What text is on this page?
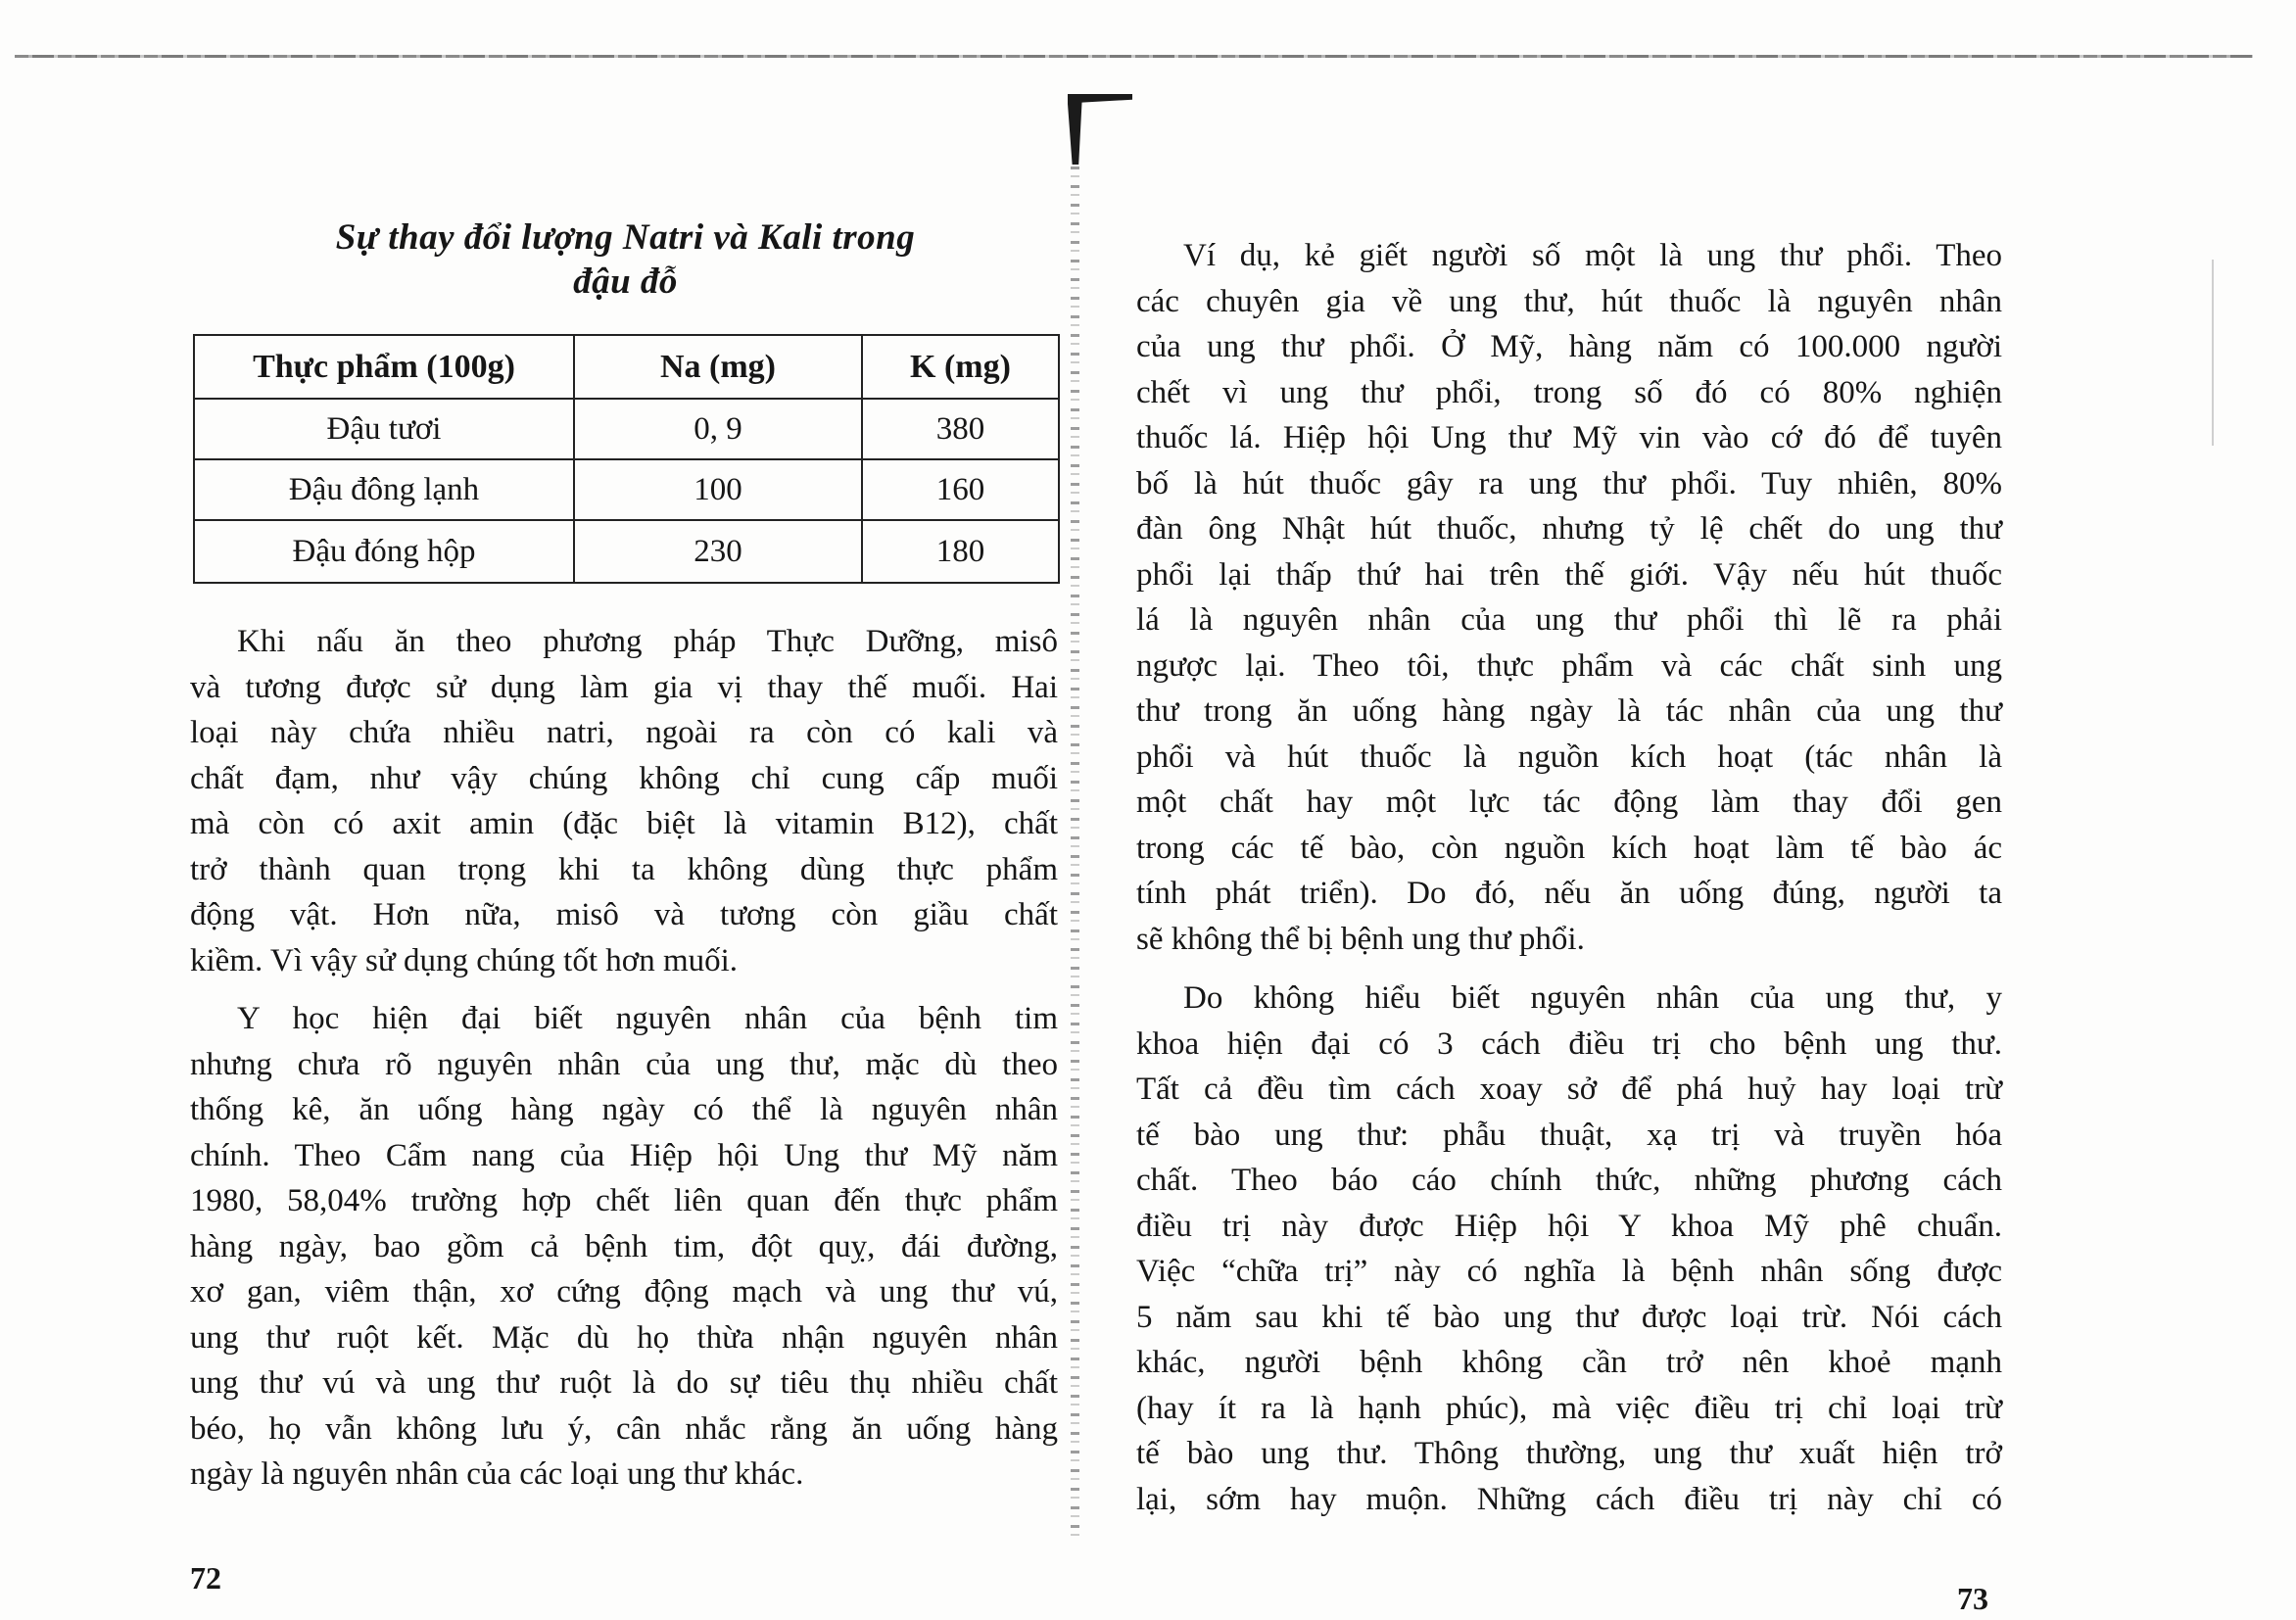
Sự thay đổi lượng Natri và Kali trong
đậu đỗ
Thực phẩm (100g)	Na (mg)	K (mg)
Đậu tươi	0, 9	380
Đậu đông lạnh	100	160
Đậu đóng hộp	230	180
Khi nấu ăn theo phương pháp Thực Dưỡng, misô
và tương được sử dụng làm gia vị thay thế muối. Hai
loại này chứa nhiều natri, ngoài ra còn có kali và
chất đạm, như vậy chúng không chỉ cung cấp muối
mà còn có axit amin (đặc biệt là vitamin B12), chất
trở thành quan trọng khi ta không dùng thực phẩm
động vật. Hơn nữa, misô và tương còn giầu chất
kiềm. Vì vậy sử dụng chúng tốt hơn muối.
Y học hiện đại biết nguyên nhân của bệnh tim
nhưng chưa rõ nguyên nhân của ung thư, mặc dù theo
thống kê, ăn uống hàng ngày có thể là nguyên nhân
chính. Theo Cẩm nang của Hiệp hội Ung thư Mỹ năm
1980, 58,04% trường hợp chết liên quan đến thực phẩm
hàng ngày, bao gồm cả bệnh tim, đột quỵ, đái đường,
xơ gan, viêm thận, xơ cứng động mạch và ung thư vú,
ung thư ruột kết. Mặc dù họ thừa nhận nguyên nhân
ung thư vú và ung thư ruột là do sự tiêu thụ nhiều chất
béo, họ vẫn không lưu ý, cân nhắc rằng ăn uống hàng
ngày là nguyên nhân của các loại ung thư khác.
72
Ví dụ, kẻ giết người số một là ung thư phổi. Theo
các chuyên gia về ung thư, hút thuốc là nguyên nhân
của ung thư phổi. Ở Mỹ, hàng năm có 100.000 người
chết vì ung thư phổi, trong số đó có 80% nghiện
thuốc lá. Hiệp hội Ung thư Mỹ vin vào cớ đó để tuyên
bố là hút thuốc gây ra ung thư phổi. Tuy nhiên, 80%
đàn ông Nhật hút thuốc, nhưng tỷ lệ chết do ung thư
phổi lại thấp thứ hai trên thế giới. Vậy nếu hút thuốc
lá là nguyên nhân của ung thư phổi thì lẽ ra phải
ngược lại. Theo tôi, thực phẩm và các chất sinh ung
thư trong ăn uống hàng ngày là tác nhân của ung thư
phổi và hút thuốc là nguồn kích hoạt (tác nhân là
một chất hay một lực tác động làm thay đổi gen
trong các tế bào, còn nguồn kích hoạt làm tế bào ác
tính phát triển). Do đó, nếu ăn uống đúng, người ta
sẽ không thể bị bệnh ung thư phổi.
Do không hiểu biết nguyên nhân của ung thư, y
khoa hiện đại có 3 cách điều trị cho bệnh ung thư.
Tất cả đều tìm cách xoay sở để phá huỷ hay loại trừ
tế bào ung thư: phẫu thuật, xạ trị và truyền hóa
chất. Theo báo cáo chính thức, những phương cách
điều trị này được Hiệp hội Y khoa Mỹ phê chuẩn.
Việc “chữa trị” này có nghĩa là bệnh nhân sống được
5 năm sau khi tế bào ung thư được loại trừ. Nói cách
khác, người bệnh không cần trở nên khoẻ mạnh
(hay ít ra là hạnh phúc), mà việc điều trị chỉ loại trừ
tế bào ung thư. Thông thường, ung thư xuất hiện trở
lại, sớm hay muộn. Những cách điều trị này chỉ có
73
